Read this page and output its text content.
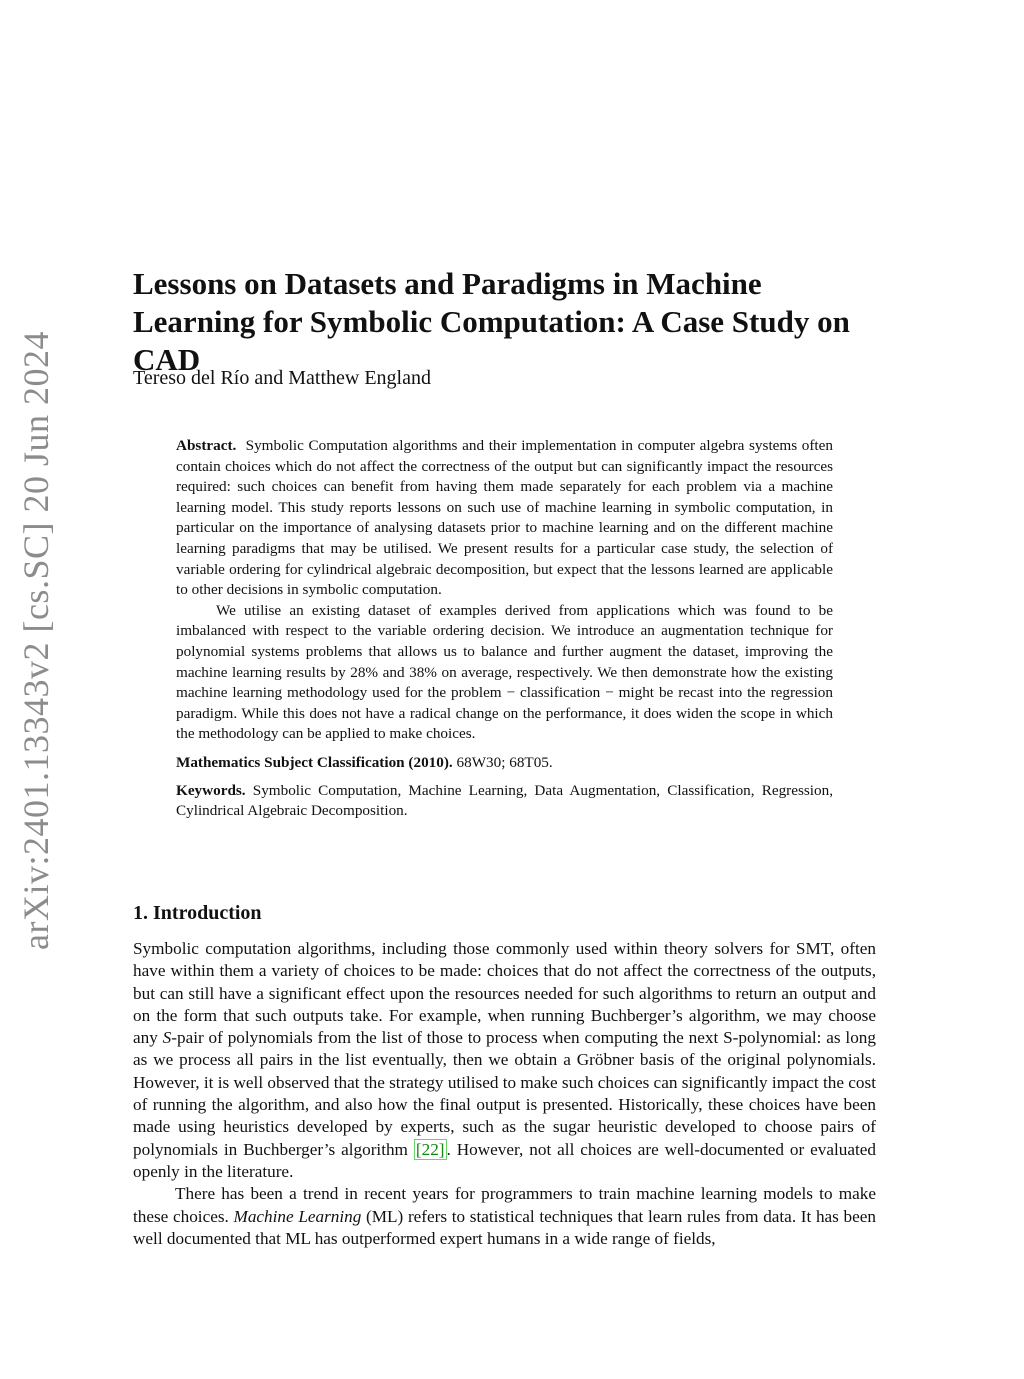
arXiv:2401.13343v2 [cs.SC] 20 Jun 2024
Lessons on Datasets and Paradigms in Machine Learning for Symbolic Computation: A Case Study on CAD
Tereso del Río and Matthew England

Abstract. Symbolic Computation algorithms and their implementation in computer algebra systems often contain choices which do not affect the correctness of the output but can significantly impact the resources required: such choices can benefit from having them made separately for each problem via a machine learning model. This study reports lessons on such use of machine learning in symbolic computation, in particular on the importance of analysing datasets prior to machine learning and on the different machine learning paradigms that may be utilised. We present results for a particular case study, the selection of variable ordering for cylindrical algebraic decomposition, but expect that the lessons learned are applicable to other decisions in symbolic computation.

We utilise an existing dataset of examples derived from applications which was found to be imbalanced with respect to the variable ordering decision. We introduce an augmentation technique for polynomial systems problems that allows us to balance and further augment the dataset, improving the machine learning results by 28% and 38% on average, respectively. We then demonstrate how the existing machine learning methodology used for the problem − classification − might be recast into the regression paradigm. While this does not have a radical change on the performance, it does widen the scope in which the methodology can be applied to make choices.

Mathematics Subject Classification (2010). 68W30; 68T05.

Keywords. Symbolic Computation, Machine Learning, Data Augmentation, Classification, Regression, Cylindrical Algebraic Decomposition.

1. Introduction

Symbolic computation algorithms, including those commonly used within theory solvers for SMT, often have within them a variety of choices to be made: choices that do not affect the correctness of the outputs, but can still have a significant effect upon the resources needed for such algorithms to return an output and on the form that such outputs take. For example, when running Buchberger’s algorithm, we may choose any S-pair of polynomials from the list of those to process when computing the next S-polynomial: as long as we process all pairs in the list eventually, then we obtain a Gröbner basis of the original polynomials. However, it is well observed that the strategy utilised to make such choices can significantly impact the cost of running the algorithm, and also how the final output is presented. Historically, these choices have been made using heuristics developed by experts, such as the sugar heuristic developed to choose pairs of polynomials in Buchberger’s algorithm [22] . However, not all choices are well-documented or evaluated openly in the literature.

There has been a trend in recent years for programmers to train machine learning models to make these choices. Machine Learning (ML) refers to statistical techniques that learn rules from data. It has been well documented that ML has outperformed expert humans in a wide range of fields,
